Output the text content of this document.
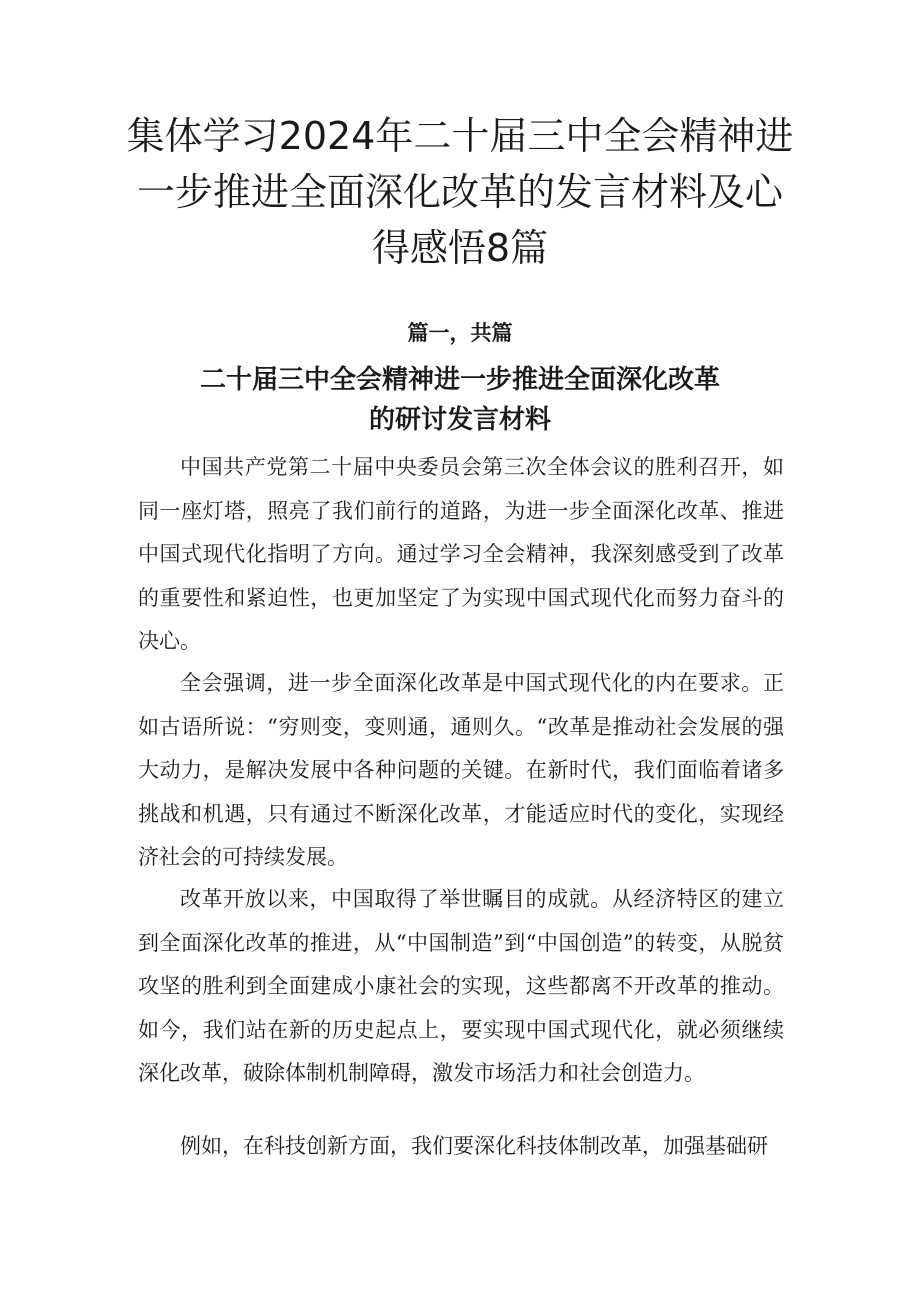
集体学习2024年二十届三中全会精神进一步推进全面深化改革的发言材料及心得感悟8篇
篇一，共篇
二十届三中全会精神进一步推进全面深化改革
的研讨发言材料

中国共产党第二十届中央委员会第三次全体会议的胜利召开，如同一座灯塔，照亮了我们前行的道路，为进一步全面深化改革、推进中国式现代化指明了方向。通过学习全会精神，我深刻感受到了改革的重要性和紧迫性，也更加坚定了为实现中国式现代化而努力奋斗的决心。

全会强调，进一步全面深化改革是中国式现代化的内在要求。正如古语所说：“穷则变，变则通，通则久。“改革是推动社会发展的强大动力，是解决发展中各种问题的关键。在新时代，我们面临着诸多挑战和机遇，只有通过不断深化改革，才能适应时代的变化，实现经济社会的可持续发展。

改革开放以来，中国取得了举世瞩目的成就。从经济特区的建立到全面深化改革的推进，从“中国制造”到“中国创造”的转变，从脱贫攻坚的胜利到全面建成小康社会的实现，这些都离不开改革的推动。如今，我们站在新的历史起点上，要实现中国式现代化，就必须继续深化改革，破除体制机制障碍，激发市场活力和社会创造力。

例如，在科技创新方面，我们要深化科技体制改革，加强基础研
